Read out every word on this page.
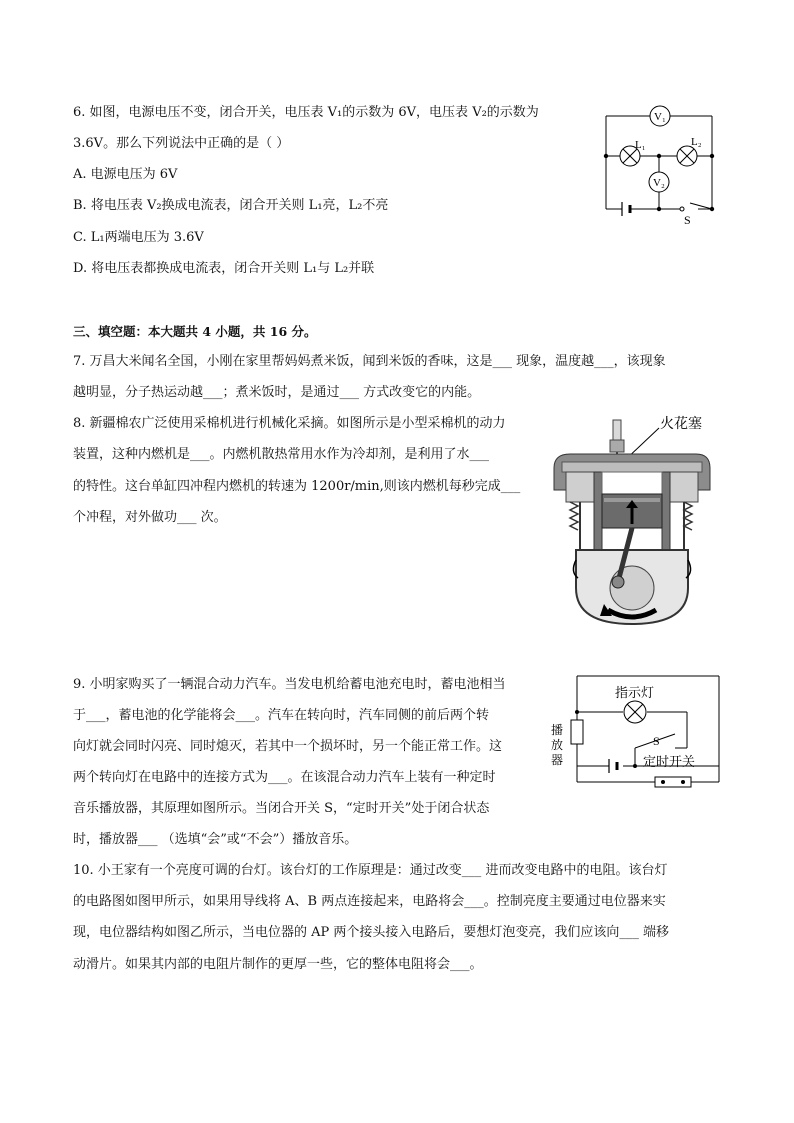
6. 如图，电源电压不变，闭合开关，电压表 V₁的示数为 6V，电压表 V₂的示数为
3.6V。那么下列说法中正确的是（ ）
A. 电源电压为 6V
B. 将电压表 V₂换成电流表，闭合开关则 L₁亮，L₂不亮
C. L₁两端电压为 3.6V
D. 将电压表都换成电流表，闭合开关则 L₁与 L₂并联
V₁
L₁	L₂
V₂
S
三、填空题：本大题共 4 小题，共 16 分。
7. 万昌大米闻名全国，小刚在家里帮妈妈煮米饭，闻到米饭的香味，这是___ 现象，温度越___，该现象
越明显，分子热运动越___；煮米饭时，是通过___ 方式改变它的内能。
8. 新疆棉农广泛使用采棉机进行机械化采摘。如图所示是小型采棉机的动力
装置，这种内燃机是___。内燃机散热常用水作为冷却剂，是利用了水___
的特性。这台单缸四冲程内燃机的转速为 1200r/min,则该内燃机每秒完成___
个冲程，对外做功___ 次。
火花塞
9. 小明家购买了一辆混合动力汽车。当发电机给蓄电池充电时，蓄电池相当
于___，蓄电池的化学能将会___。汽车在转向时，汽车同侧的前后两个转
向灯就会同时闪亮、同时熄灭，若其中一个损坏时，另一个能正常工作。这
两个转向灯在电路中的连接方式为___。在该混合动力汽车上装有一种定时
音乐播放器，其原理如图所示。当闭合开关 S，“定时开关”处于闭合状态
时，播放器___ （选填“会”或“不会”）播放音乐。
指示灯
S
定时开关
播
放
器
10. 小王家有一个亮度可调的台灯。该台灯的工作原理是：通过改变___ 进而改变电路中的电阻。该台灯
的电路图如图甲所示，如果用导线将 A、B 两点连接起来，电路将会___。控制亮度主要通过电位器来实
现，电位器结构如图乙所示，当电位器的 AP 两个接头接入电路后，要想灯泡变亮，我们应该向___ 端移
动滑片。如果其内部的电阻片制作的更厚一些，它的整体电阻将会___。
